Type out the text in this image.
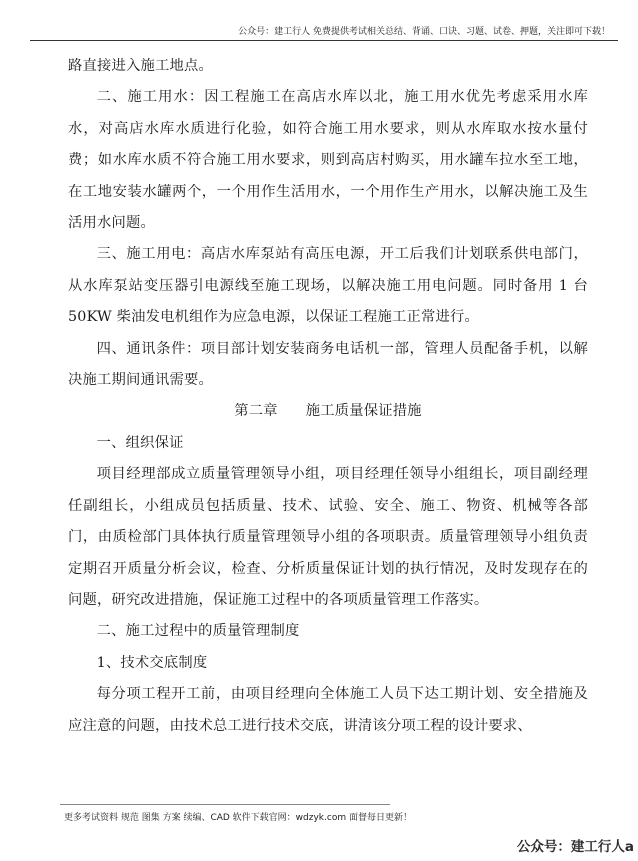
公众号：建工行人 免费提供考试相关总结、背诵、口诀、习题、试卷、押题，关注即可下载！

路直接进入施工地点。

二、施工用水：因工程施工在高店水库以北，施工用水优先考虑采用水库水，对高店水库水质进行化验，如符合施工用水要求，则从水库取水按水量付费；如水库水质不符合施工用水要求，则到高店村购买，用水罐车拉水至工地，在工地安装水罐两个，一个用作生活用水，一个用作生产用水，以解决施工及生活用水问题。

三、施工用电：高店水库泵站有高压电源，开工后我们计划联系供电部门，从水库泵站变压器引电源线至施工现场，以解决施工用电问题。同时备用 1 台 50KW 柴油发电机组作为应急电源，以保证工程施工正常进行。

四、通讯条件：项目部计划安装商务电话机一部，管理人员配备手机，以解决施工期间通讯需要。

第二章 施工质量保证措施

一、组织保证

项目经理部成立质量管理领导小组，项目经理任领导小组组长，项目副经理任副组长，小组成员包括质量、技术、试验、安全、施工、物资、机械等各部门，由质检部门具体执行质量管理领导小组的各项职责。质量管理领导小组负责定期召开质量分析会议，检查、分析质量保证计划的执行情况，及时发现存在的问题，研究改进措施，保证施工过程中的各项质量管理工作落实。

二、施工过程中的质量管理制度

1、技术交底制度

每分项工程开工前，由项目经理向全体施工人员下达工期计划、安全措施及应注意的问题，由技术总工进行技术交底，讲清该分项工程的设计要求、

更多考试资料 规范 图集 方案 续编、CAD 软件下载官网：wdzyk.com 面督每日更新！
公众号：建工行人a
